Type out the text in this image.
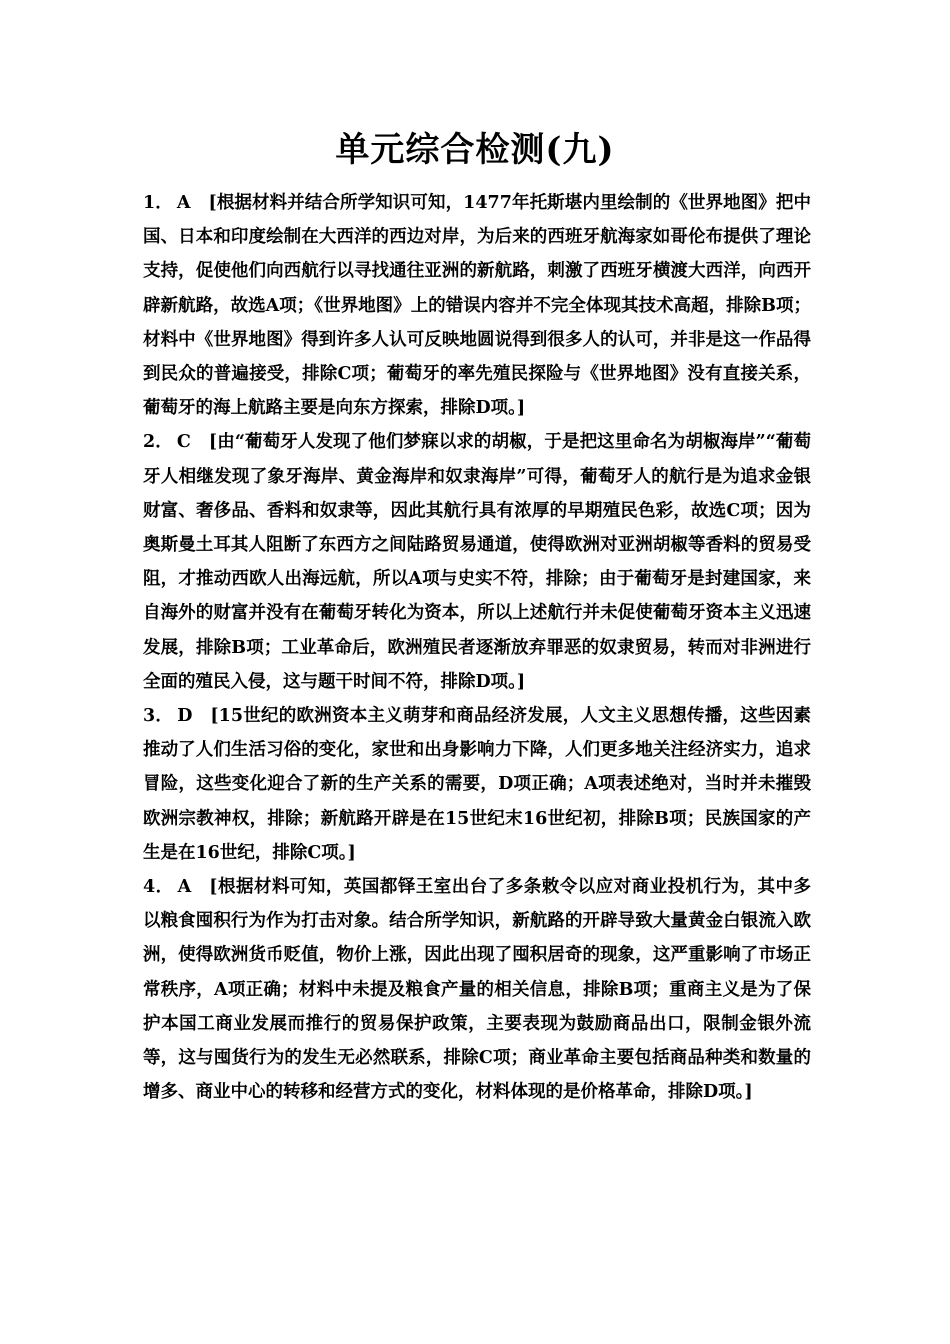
单元综合检测(九)

1． A [根据材料并结合所学知识可知，1477年托斯堪内里绘制的《世界地图》把中国、日本和印度绘制在大西洋的西边对岸，为后来的西班牙航海家如哥伦布提供了理论支持，促使他们向西航行以寻找通往亚洲的新航路，刺激了西班牙横渡大西洋，向西开辟新航路，故选A项；《世界地图》上的错误内容并不完全体现其技术高超，排除B项；材料中《世界地图》得到许多人认可反映地圆说得到很多人的认可，并非是这一作品得到民众的普遍接受，排除C项；葡萄牙的率先殖民探险与《世界地图》没有直接关系，葡萄牙的海上航路主要是向东方探索，排除D项。]

2． C [由“葡萄牙人发现了他们梦寐以求的胡椒，于是把这里命名为胡椒海岸”“葡萄牙人相继发现了象牙海岸、黄金海岸和奴隶海岸”可得，葡萄牙人的航行是为追求金银财富、奢侈品、香料和奴隶等，因此其航行具有浓厚的早期殖民色彩，故选C项；因为奥斯曼土耳其人阻断了东西方之间陆路贸易通道，使得欧洲对亚洲胡椒等香料的贸易受阻，才推动西欧人出海远航，所以A项与史实不符，排除；由于葡萄牙是封建国家，来自海外的财富并没有在葡萄牙转化为资本，所以上述航行并未促使葡萄牙资本主义迅速发展，排除B项；工业革命后，欧洲殖民者逐渐放弃罪恶的奴隶贸易，转而对非洲进行全面的殖民入侵，这与题干时间不符，排除D项。]

3． D [15世纪的欧洲资本主义萌芽和商品经济发展，人文主义思想传播，这些因素推动了人们生活习俗的变化，家世和出身影响力下降，人们更多地关注经济实力，追求冒险，这些变化迎合了新的生产关系的需要，D项正确；A项表述绝对，当时并未摧毁欧洲宗教神权，排除；新航路开辟是在15世纪末16世纪初，排除B项；民族国家的产生是在16世纪，排除C项。]

4． A [根据材料可知，英国都铎王室出台了多条敕令以应对商业投机行为，其中多以粮食囤积行为作为打击对象。结合所学知识，新航路的开辟导致大量黄金白银流入欧洲，使得欧洲货币贬值，物价上涨，因此出现了囤积居奇的现象，这严重影响了市场正常秩序，A项正确；材料中未提及粮食产量的相关信息，排除B项；重商主义是为了保护本国工商业发展而推行的贸易保护政策，主要表现为鼓励商品出口，限制金银外流等，这与囤货行为的发生无必然联系，排除C项；商业革命主要包括商品种类和数量的增多、商业中心的转移和经营方式的变化，材料体现的是价格革命，排除D项。]
